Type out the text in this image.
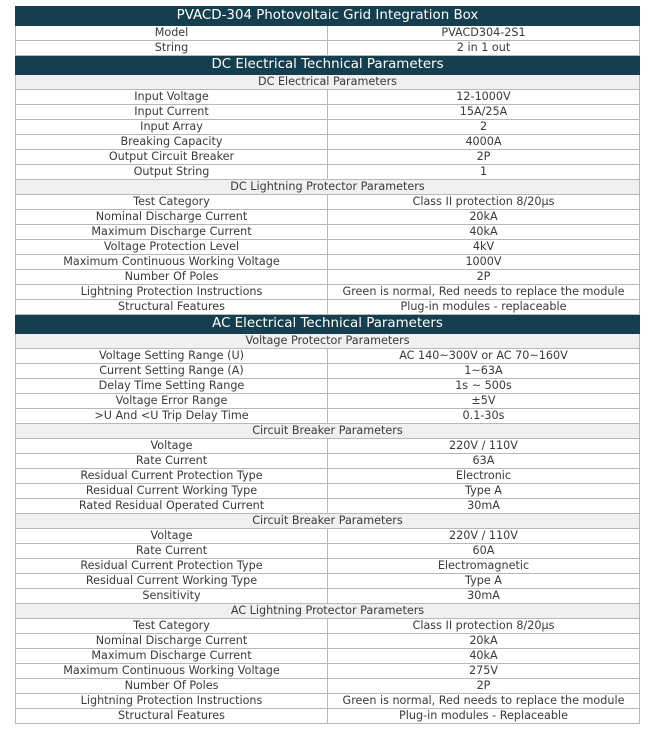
PVACD-304 Photovoltaic Grid Integration Box	
Model	PVACD304-2S1
String	2 in 1 out
DC Electrical Technical Parameters	
DC Electrical Parameters	
Input Voltage	12-1000V
Input Current	15A/25A
Input Array	2
Breaking Capacity	4000A
Output Circuit Breaker	2P
Output String	1
DC Lightning Protector Parameters	
Test Category	Class II protection 8/20μs
Nominal Discharge Current	20kA
Maximum Discharge Current	40kA
Voltage Protection Level	4kV
Maximum Continuous Working Voltage	1000V
Number Of Poles	2P
Lightning Protection Instructions	Green is normal, Red needs to replace the module
Structural Features	Plug-in modules - replaceable
AC Electrical Technical Parameters	
Voltage Protector Parameters	
Voltage Setting Range (U)	AC 140~300V or AC 70~160V
Current Setting Range (A)	1~63A
Delay Time Setting Range	1s ~ 500s
Voltage Error Range	±5V
>U And <U Trip Delay Time	0.1-30s
Circuit Breaker Parameters	
Voltage	220V / 110V
Rate Current	63A
Residual Current Protection Type	Electronic
Residual Current Working Type	Type A
Rated Residual Operated Current	30mA
Circuit Breaker Parameters	
Voltage	220V / 110V
Rate Current	60A
Residual Current Protection Type	Electromagnetic
Residual Current Working Type	Type A
Sensitivity	30mA
AC Lightning Protector Parameters	
Test Category	Class II protection 8/20μs
Nominal Discharge Current	20kA
Maximum Discharge Current	40kA
Maximum Continuous Working Voltage	275V
Number Of Poles	2P
Lightning Protection Instructions	Green is normal, Red needs to replace the module
Structural Features	Plug-in modules - Replaceable
